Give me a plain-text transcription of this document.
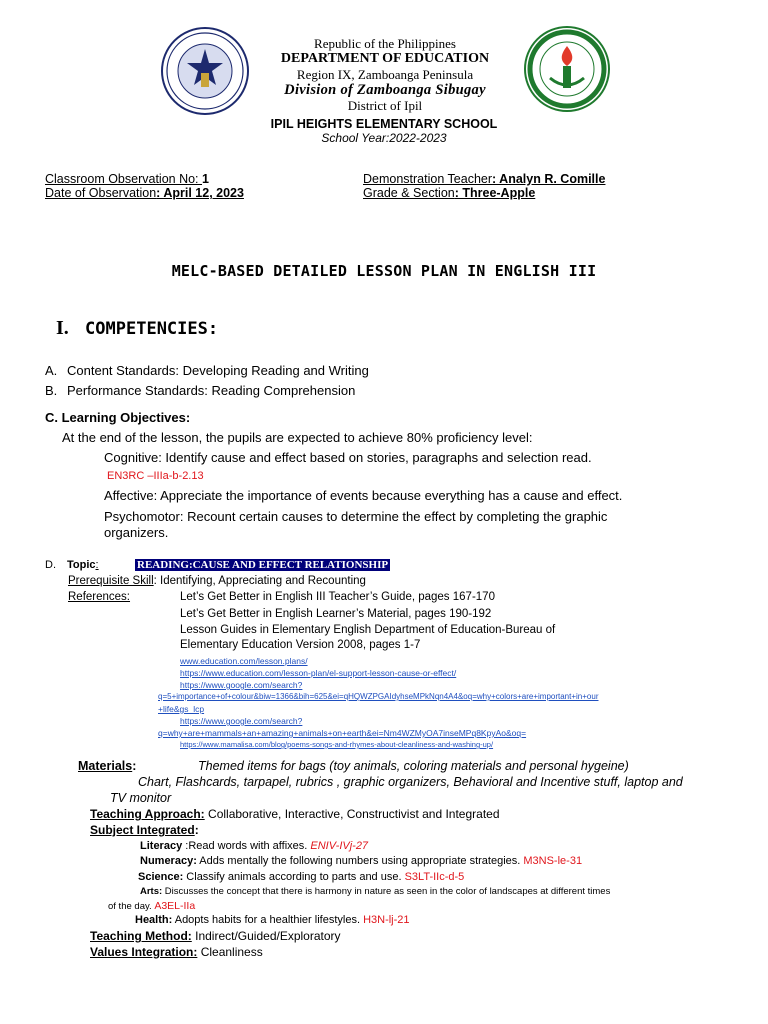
Republic of the Philippines
DEPARTMENT OF EDUCATION
Region IX, Zamboanga Peninsula
Division of Zamboanga Sibugay
District of Ipil
IPIL HEIGHTS ELEMENTARY SCHOOL
School Year:2022-2023
Classroom Observation No: 1
Date of Observation: April 12, 2023
Demonstration Teacher: Analyn R. Comille
Grade & Section: Three-Apple
MELC-BASED DETAILED LESSON PLAN IN ENGLISH III
I. COMPETENCIES:
A. Content Standards: Developing Reading and Writing
B. Performance Standards: Reading Comprehension
C. Learning Objectives:
At the end of the lesson, the pupils are expected to achieve 80% proficiency level:
Cognitive: Identify cause and effect based on stories, paragraphs and selection read.
EN3RC –IIIa-b-2.13
Affective: Appreciate the importance of events because everything has a cause and effect.
Psychomotor: Recount certain causes to determine the effect by completing the graphic
organizers.
D. Topic:	READING:CAUSE AND EFFECT RELATIONSHIP
Prerequisite Skill: Identifying, Appreciating and Recounting
References:	Let’s Get Better in English III Teacher’s Guide, pages 167-170
Let’s Get Better in English Learner’s Material, pages 190-192
Lesson Guides in Elementary English Department of Education-Bureau of
Elementary Education Version 2008, pages 1-7
www.education.com/lesson.plans/
https://www.education.com/lesson-plan/el-support-lesson-cause-or-effect/
https://www.google.com/search?
q=5+importance+of+colour&biw=1366&bih=625&ei=qHQWZPGAIdyhseMPkNqn4A4&oq=why+colors+are+important+in+our
+life&gs_lcp
https://www.google.com/search?
q=why+are+mammals+an+amazing+animals+on+earth&ei=Nm4WZMyOA7inseMPq8KpyAo&oq=
https://www.mamalisa.com/blog/poems-songs-and-rhymes-about-cleanliness-and-washing-up/
Materials:	Themed items for bags (toy animals, coloring materials and personal hygeine)
Chart, Flashcards, tarpapel, rubrics , graphic organizers, Behavioral and Incentive stuff, laptop and
TV monitor
Teaching Approach: Collaborative, Interactive, Constructivist and Integrated
Subject Integrated:
Literacy :Read words with affixes. ENIV-IVj-27
Numeracy: Adds mentally the following numbers using appropriate strategies. M3NS-le-31
Science: Classify animals according to parts and use. S3LT-IIc-d-5
Arts: Discusses the concept that there is harmony in nature as seen in the color of landscapes at different times
of the day. A3EL-IIa
Health: Adopts habits for a healthier lifestyles. H3N-lj-21
Teaching Method: Indirect/Guided/Exploratory
Values Integration: Cleanliness
